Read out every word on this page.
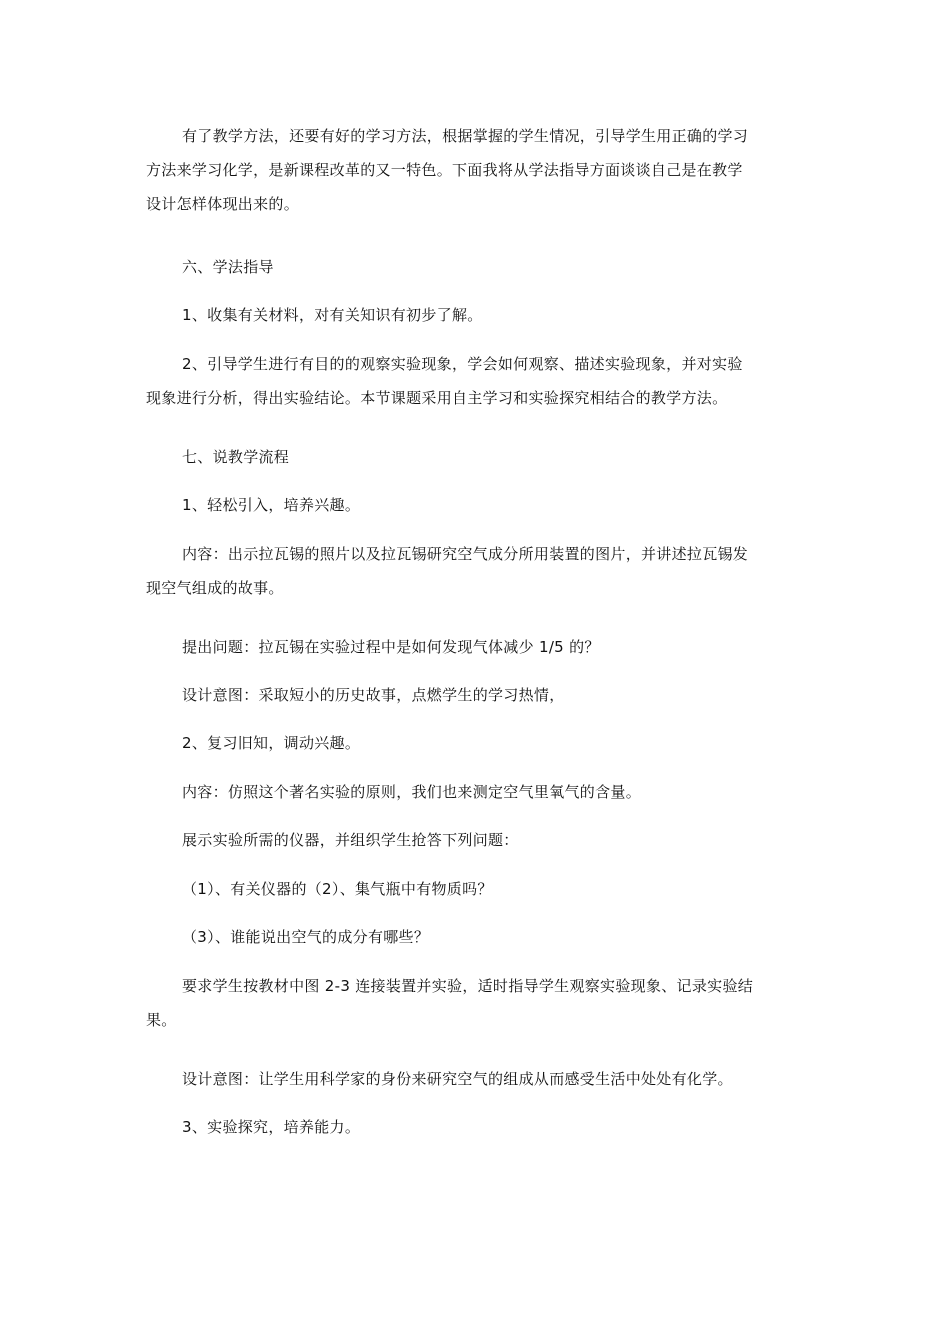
有了教学方法，还要有好的学习方法，根据掌握的学生情况，引导学生用正确的学习
方法来学习化学，是新课程改革的又一特色。下面我将从学法指导方面谈谈自己是在教学
设计怎样体现出来的。
六、学法指导
1、收集有关材料，对有关知识有初步了解。
2、引导学生进行有目的的观察实验现象，学会如何观察、描述实验现象，并对实验
现象进行分析，得出实验结论。本节课题采用自主学习和实验探究相结合的教学方法。
七、说教学流程
1、轻松引入，培养兴趣。
内容：出示拉瓦锡的照片以及拉瓦锡研究空气成分所用装置的图片，并讲述拉瓦锡发
现空气组成的故事。
提出问题：拉瓦锡在实验过程中是如何发现气体减少 1/5 的？
设计意图：采取短小的历史故事，点燃学生的学习热情，
2、复习旧知，调动兴趣。
内容：仿照这个著名实验的原则，我们也来测定空气里氧气的含量。
展示实验所需的仪器，并组织学生抢答下列问题：
（1）、有关仪器的（2）、集气瓶中有物质吗？
（3）、谁能说出空气的成分有哪些？
要求学生按教材中图 2-3 连接装置并实验，适时指导学生观察实验现象、记录实验结
果。
设计意图：让学生用科学家的身份来研究空气的组成从而感受生活中处处有化学。
3、实验探究，培养能力。
